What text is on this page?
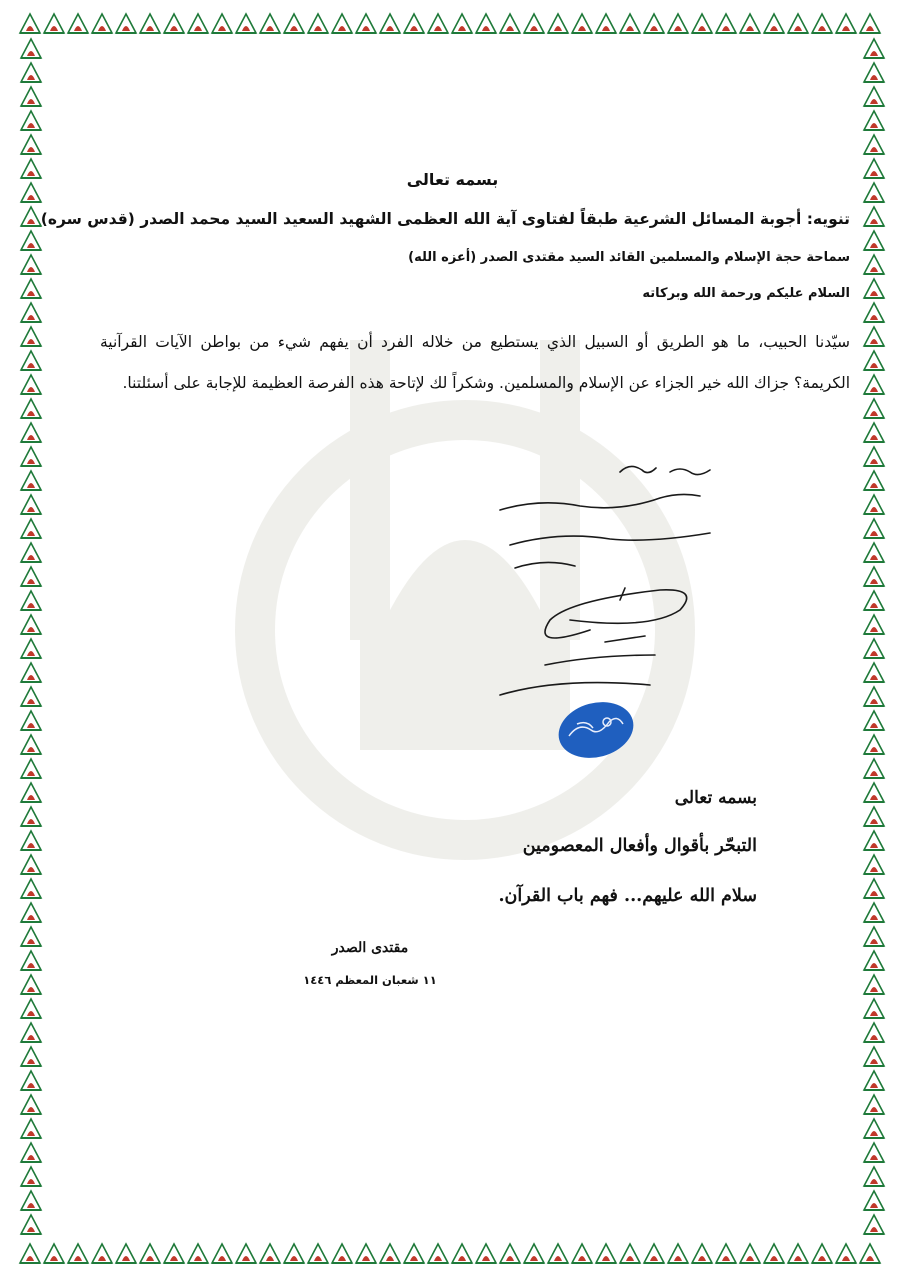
بسمه تعالى
تنويه: أجوبة المسائل الشرعية طبقاً لفتاوى آية الله العظمى الشهيد السعيد السيد محمد الصدر (قدس سره)
سماحة حجة الإسلام والمسلمين القائد السيد مقتدى الصدر (أعزه الله)
السلام عليكم ورحمة الله وبركاته
سيّدنا الحبيب، ما هو الطريق أو السبيل الذي يستطيع من خلاله الفرد أن يفهم شيء من بواطن الآيات القرآنية الكريمة؟ جزاك الله خير الجزاء عن الإسلام والمسلمين. وشكراً لك لإتاحة هذه الفرصة العظيمة للإجابة على أسئلتنا.
بسمه تعالى
التبحّر بأقوال وأفعال المعصومين
سلام الله عليهم... فهم باب القرآن.
مقتدى الصدر
١١ شعبان المعظم ١٤٤٦
